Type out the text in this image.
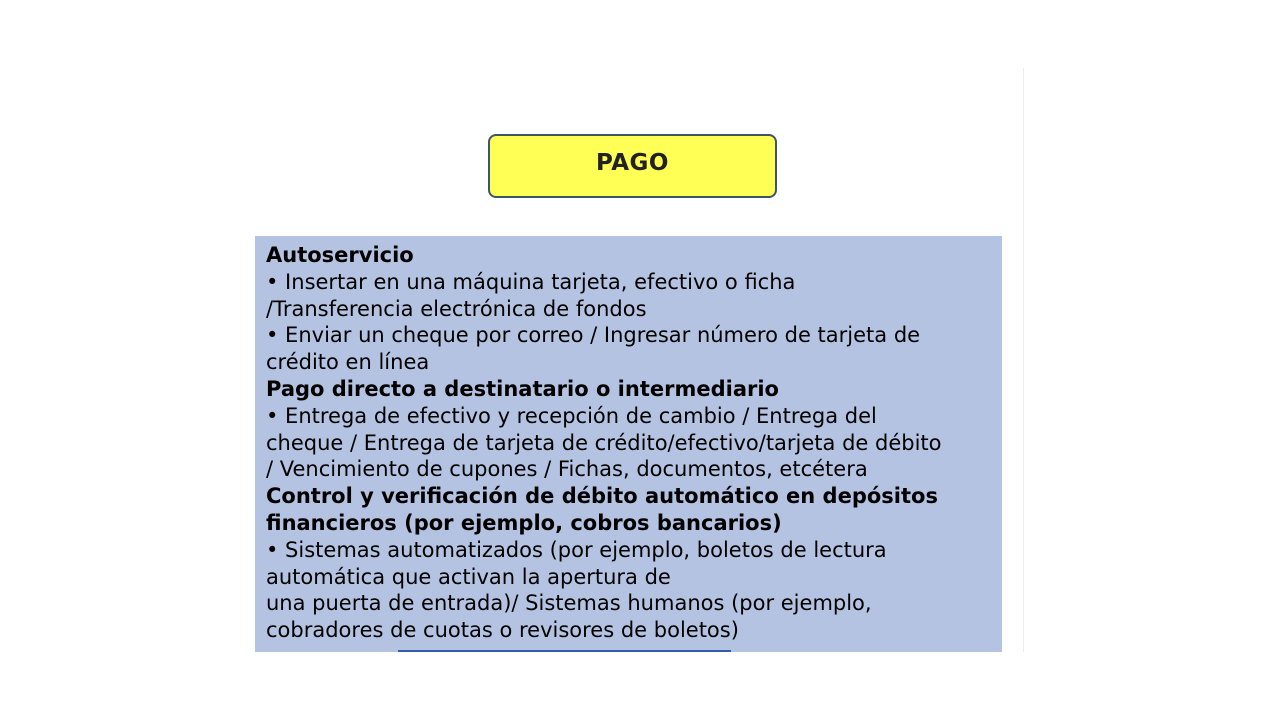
PAGO
Autoservicio
• Insertar en una máquina tarjeta, efectivo o ficha
/Transferencia electrónica de fondos
• Enviar un cheque por correo / Ingresar número de tarjeta de
crédito en línea
Pago directo a destinatario o intermediario
• Entrega de efectivo y recepción de cambio / Entrega del
cheque / Entrega de tarjeta de crédito/efectivo/tarjeta de débito
/ Vencimiento de cupones / Fichas, documentos, etcétera
Control y verificación de débito automático en depósitos
financieros (por ejemplo, cobros bancarios)
• Sistemas automatizados (por ejemplo, boletos de lectura
automática que activan la apertura de
una puerta de entrada)/ Sistemas humanos (por ejemplo,
cobradores de cuotas o revisores de boletos)
